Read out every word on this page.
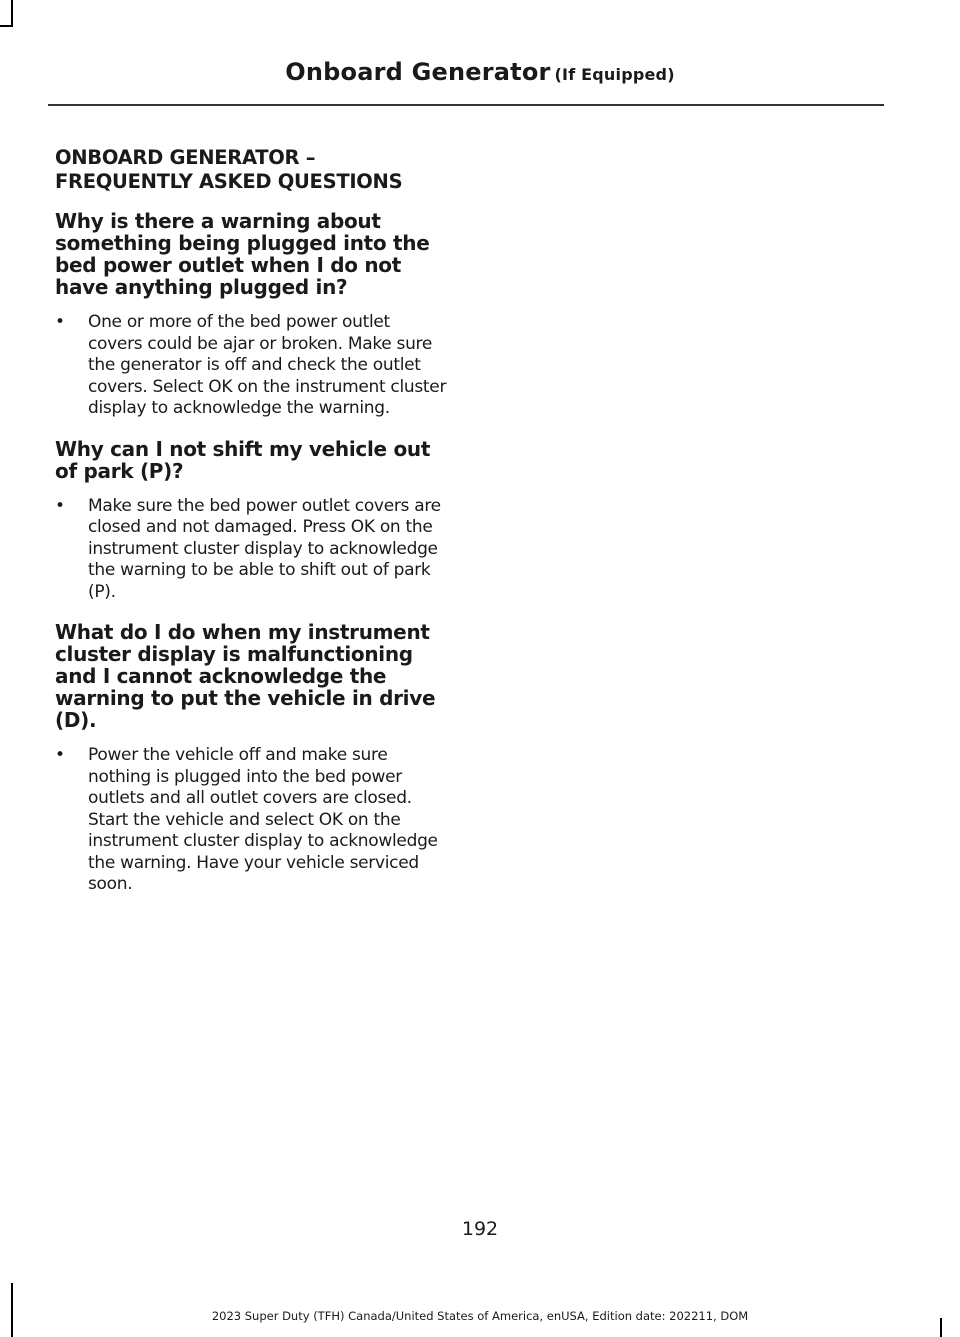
Onboard Generator (If Equipped)
ONBOARD GENERATOR – FREQUENTLY ASKED QUESTIONS
Why is there a warning about something being plugged into the bed power outlet when I do not have anything plugged in?
• One or more of the bed power outlet covers could be ajar or broken. Make sure the generator is off and check the outlet covers. Select OK on the instrument cluster display to acknowledge the warning.
Why can I not shift my vehicle out of park (P)?
• Make sure the bed power outlet covers are closed and not damaged. Press OK on the instrument cluster display to acknowledge the warning to be able to shift out of park (P).
What do I do when my instrument cluster display is malfunctioning and I cannot acknowledge the warning to put the vehicle in drive (D).
• Power the vehicle off and make sure nothing is plugged into the bed power outlets and all outlet covers are closed. Start the vehicle and select OK on the instrument cluster display to acknowledge the warning. Have your vehicle serviced soon.
192
2023 Super Duty (TFH) Canada/United States of America, enUSA, Edition date: 202211, DOM
